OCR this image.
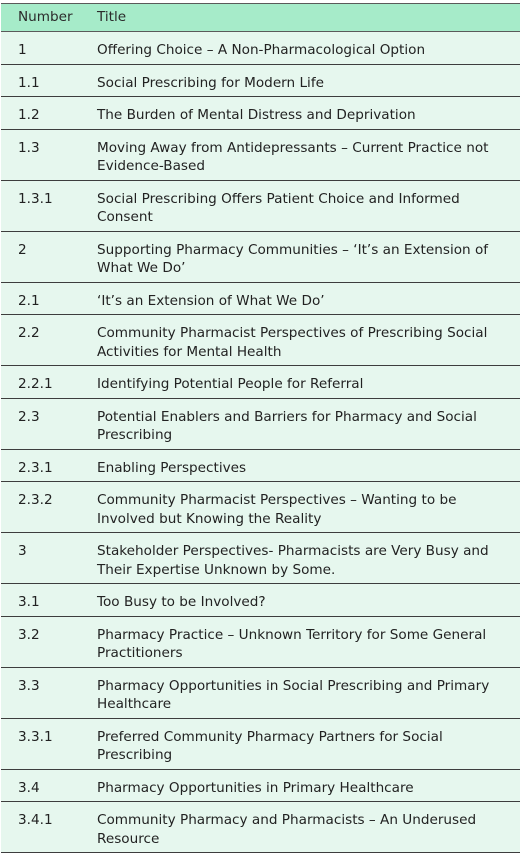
Number	Title
1	Offering Choice – A Non-Pharmacological Option
1.1	Social Prescribing for Modern Life
1.2	The Burden of Mental Distress and Deprivation
1.3	Moving Away from Antidepressants – Current Practice not Evidence-Based
1.3.1	Social Prescribing Offers Patient Choice and Informed Consent
2	Supporting Pharmacy Communities – ‘It’s an Extension of What We Do’
2.1	‘It’s an Extension of What We Do’
2.2	Community Pharmacist Perspectives of Prescribing Social Activities for Mental Health
2.2.1	Identifying Potential People for Referral
2.3	Potential Enablers and Barriers for Pharmacy and Social Prescribing
2.3.1	Enabling Perspectives
2.3.2	Community Pharmacist Perspectives – Wanting to be Involved but Knowing the Reality
3	Stakeholder Perspectives- Pharmacists are Very Busy and Their Expertise Unknown by Some.
3.1	Too Busy to be Involved?
3.2	Pharmacy Practice – Unknown Territory for Some General Practitioners
3.3	Pharmacy Opportunities in Social Prescribing and Primary Healthcare
3.3.1	Preferred Community Pharmacy Partners for Social Prescribing
3.4	Pharmacy Opportunities in Primary Healthcare
3.4.1	Community Pharmacy and Pharmacists – An Underused Resource
